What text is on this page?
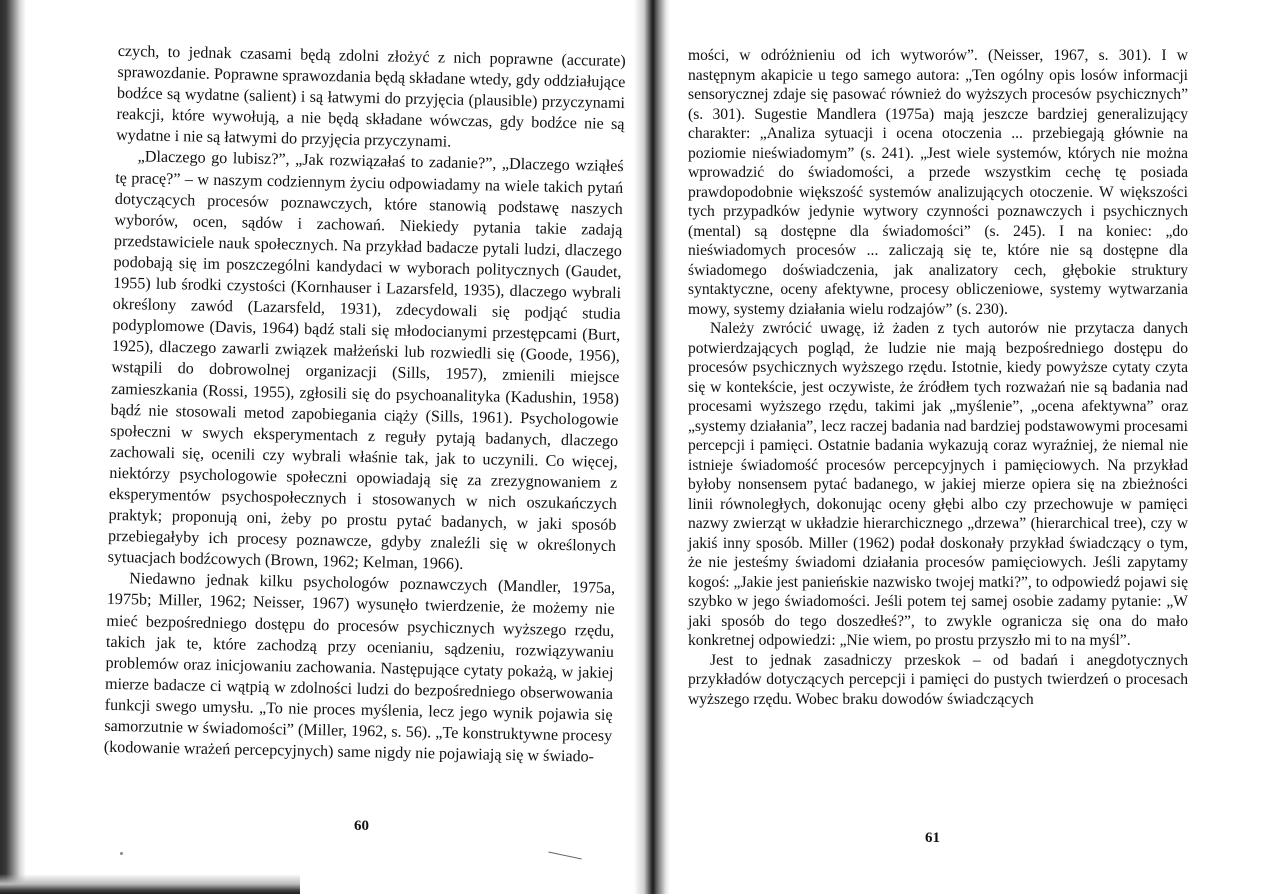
czych, to jednak czasami będą zdolni złożyć z nich poprawne (accurate) sprawozdanie. Poprawne sprawozdania będą składane wtedy, gdy oddziałujące bodźce są wydatne (salient) i są łatwymi do przyjęcia (plausible) przyczynami reakcji, które wywołują, a nie będą składane wówczas, gdy bodźce nie są wydatne i nie są łatwymi do przyjęcia przyczynami.

„Dlaczego go lubisz?”, „Jak rozwiązałaś to zadanie?”, „Dlaczego wziąłeś tę pracę?” – w naszym codziennym życiu odpowiadamy na wiele takich pytań dotyczących procesów poznawczych, które stanowią podstawę naszych wyborów, ocen, sądów i zachowań. Niekiedy pytania takie zadają przedstawiciele nauk społecznych. Na przykład badacze pytali ludzi, dlaczego podobają się im poszczególni kandydaci w wyborach politycznych (Gaudet, 1955) lub środki czystości (Kornhauser i Lazarsfeld, 1935), dlaczego wybrali określony zawód (Lazarsfeld, 1931), zdecydowali się podjąć studia podyplomowe (Davis, 1964) bądź stali się młodocianymi przestępcami (Burt, 1925), dlaczego zawarli związek małżeński lub rozwiedli się (Goode, 1956), wstąpili do dobrowolnej organizacji (Sills, 1957), zmienili miejsce zamieszkania (Rossi, 1955), zgłosili się do psychoanalityka (Kadushin, 1958) bądź nie stosowali metod zapobiegania ciąży (Sills, 1961). Psychologowie społeczni w swych eksperymentach z reguły pytają badanych, dlaczego zachowali się, ocenili czy wybrali właśnie tak, jak to uczynili. Co więcej, niektórzy psychologowie społeczni opowiadają się za zrezygnowaniem z eksperymentów psychospołecznych i stosowanych w nich oszukańczych praktyk; proponują oni, żeby po prostu pytać badanych, w jaki sposób przebiegałyby ich procesy poznawcze, gdyby znaleźli się w określonych sytuacjach bodźcowych (Brown, 1962; Kelman, 1966).

Niedawno jednak kilku psychologów poznawczych (Mandler, 1975a, 1975b; Miller, 1962; Neisser, 1967) wysunęło twierdzenie, że możemy nie mieć bezpośredniego dostępu do procesów psychicznych wyższego rzędu, takich jak te, które zachodzą przy ocenianiu, sądzeniu, rozwiązywaniu problemów oraz inicjowaniu zachowania. Następujące cytaty pokażą, w jakiej mierze badacze ci wątpią w zdolności ludzi do bezpośredniego obserwowania funkcji swego umysłu. „To nie proces myślenia, lecz jego wynik pojawia się samorzutnie w świadomości” (Miller, 1962, s. 56). „Te konstruktywne procesy (kodowanie wrażeń percepcyjnych) same nigdy nie pojawiają się w świado-

mości, w odróżnieniu od ich wytworów”. (Neisser, 1967, s. 301). I w następnym akapicie u tego samego autora: „Ten ogólny opis losów informacji sensorycznej zdaje się pasować również do wyższych procesów psychicznych” (s. 301). Sugestie Mandlera (1975a) mają jeszcze bardziej generalizujący charakter: „Analiza sytuacji i ocena otoczenia ... przebiegają głównie na poziomie nieświadomym” (s. 241). „Jest wiele systemów, których nie można wprowadzić do świadomości, a przede wszystkim cechę tę posiada prawdopodobnie większość systemów analizujących otoczenie. W większości tych przypadków jedynie wytwory czynności poznawczych i psychicznych (mental) są dostępne dla świadomości” (s. 245). I na koniec: „do nieświadomych procesów ... zaliczają się te, które nie są dostępne dla świadomego doświadczenia, jak analizatory cech, głębokie struktury syntaktyczne, oceny afektywne, procesy obliczeniowe, systemy wytwarzania mowy, systemy działania wielu rodzajów” (s. 230).

Należy zwrócić uwagę, iż żaden z tych autorów nie przytacza danych potwierdzających pogląd, że ludzie nie mają bezpośredniego dostępu do procesów psychicznych wyższego rzędu. Istotnie, kiedy powyższe cytaty czyta się w kontekście, jest oczywiste, że źródłem tych rozważań nie są badania nad procesami wyższego rzędu, takimi jak „myślenie”, „ocena afektywna” oraz „systemy działania”, lecz raczej badania nad bardziej podstawowymi procesami percepcji i pamięci. Ostatnie badania wykazują coraz wyraźniej, że niemal nie istnieje świadomość procesów percepcyjnych i pamięciowych. Na przykład byłoby nonsensem pytać badanego, w jakiej mierze opiera się na zbieżności linii równoległych, dokonując oceny głębi albo czy przechowuje w pamięci nazwy zwierząt w układzie hierarchicznego „drzewa” (hierarchical tree), czy w jakiś inny sposób. Miller (1962) podał doskonały przykład świadczący o tym, że nie jesteśmy świadomi działania procesów pamięciowych. Jeśli zapytamy kogoś: „Jakie jest panieńskie nazwisko twojej matki?”, to odpowiedź pojawi się szybko w jego świadomości. Jeśli potem tej samej osobie zadamy pytanie: „W jaki sposób do tego doszedłeś?”, to zwykle ogranicza się ona do mało konkretnej odpowiedzi: „Nie wiem, po prostu przyszło mi to na myśl”.

Jest to jednak zasadniczy przeskok – od badań i anegdotycznych przykładów dotyczących percepcji i pamięci do pustych twierdzeń o procesach wyższego rzędu. Wobec braku dowodów świadczących

60
61
